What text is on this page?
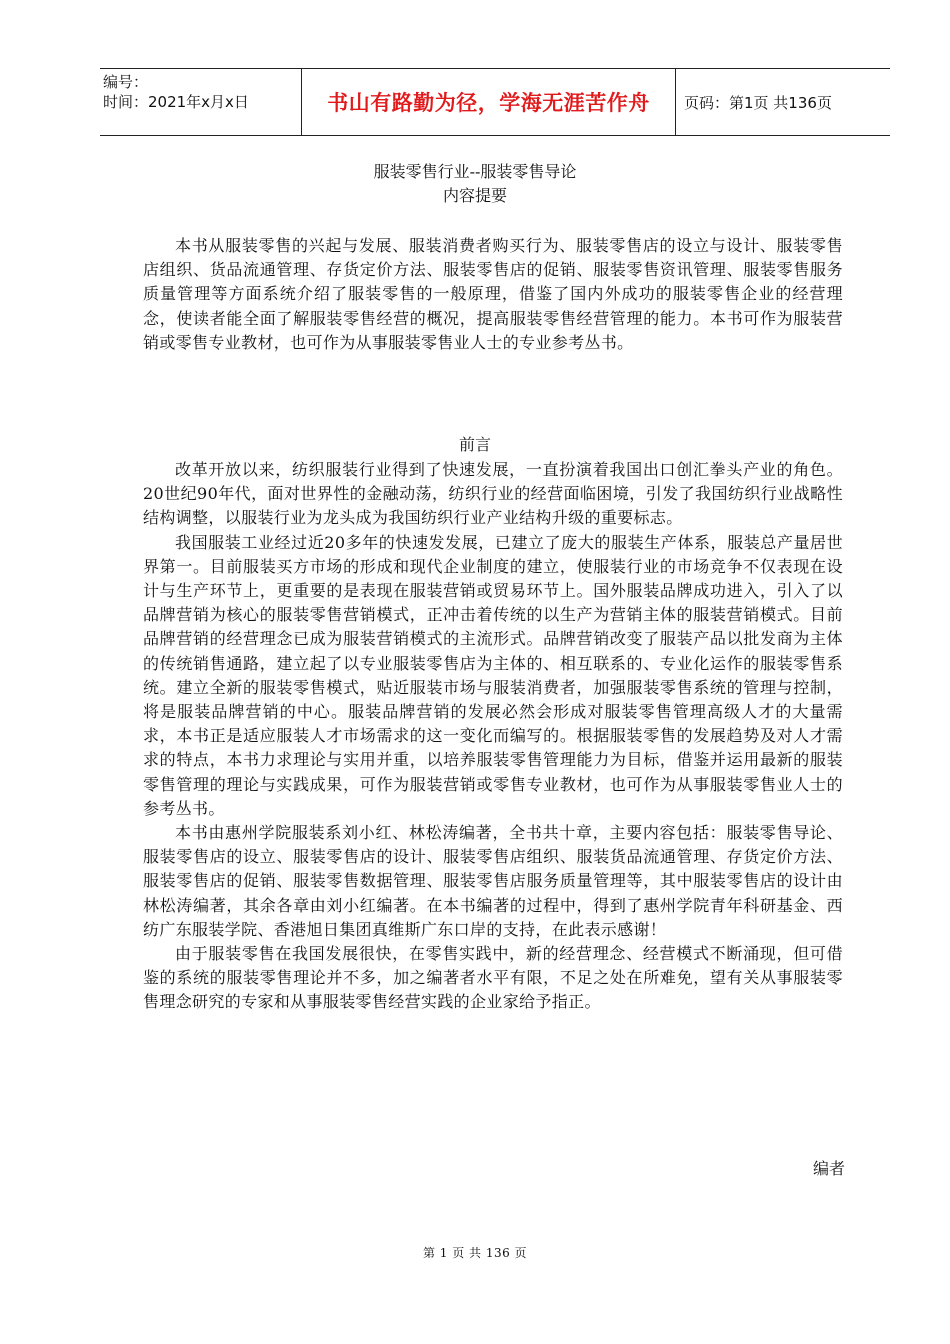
编号：
时间：2021年x月x日	书山有路勤为径，学海无涯苦作舟	页码：第1页 共136页
服装零售行业--服装零售导论
内容提要

本书从服装零售的兴起与发展、服装消费者购买行为、服装零售店的设立与设计、服装零售店组织、货品流通管理、存货定价方法、服装零售店的促销、服装零售资讯管理、服装零售服务质量管理等方面系统介绍了服装零售的一般原理，借鉴了国内外成功的服装零售企业的经营理念，使读者能全面了解服装零售经营的概况，提高服装零售经营管理的能力。本书可作为服装营销或零售专业教材，也可作为从事服装零售业人士的专业参考丛书。

前言

改革开放以来，纺织服装行业得到了快速发展，一直扮演着我国出口创汇拳头产业的角色。20世纪90年代，面对世界性的金融动荡，纺织行业的经营面临困境，引发了我国纺织行业战略性结构调整，以服装行业为龙头成为我国纺织行业产业结构升级的重要标志。

我国服装工业经过近20多年的快速发发展，已建立了庞大的服装生产体系，服装总产量居世界第一。目前服装买方市场的形成和现代企业制度的建立，使服装行业的市场竞争不仅表现在设计与生产环节上，更重要的是表现在服装营销或贸易环节上。国外服装品牌成功进入，引入了以品牌营销为核心的服装零售营销模式，正冲击着传统的以生产为营销主体的服装营销模式。目前品牌营销的经营理念已成为服装营销模式的主流形式。品牌营销改变了服装产品以批发商为主体的传统销售通路，建立起了以专业服装零售店为主体的、相互联系的、专业化运作的服装零售系统。建立全新的服装零售模式，贴近服装市场与服装消费者，加强服装零售系统的管理与控制，将是服装品牌营销的中心。服装品牌营销的发展必然会形成对服装零售管理高级人才的大量需求，本书正是适应服装人才市场需求的这一变化而编写的。根据服装零售的发展趋势及对人才需求的特点，本书力求理论与实用并重，以培养服装零售管理能力为目标，借鉴并运用最新的服装零售管理的理论与实践成果，可作为服装营销或零售专业教材，也可作为从事服装零售业人士的参考丛书。

本书由惠州学院服装系刘小红、林松涛编著，全书共十章，主要内容包括：服装零售导论、服装零售店的设立、服装零售店的设计、服装零售店组织、服装货品流通管理、存货定价方法、服装零售店的促销、服装零售数据管理、服装零售店服务质量管理等，其中服装零售店的设计由林松涛编著，其余各章由刘小红编著。在本书编著的过程中，得到了惠州学院青年科研基金、西纺广东服装学院、香港旭日集团真维斯广东口岸的支持，在此表示感谢！

由于服装零售在我国发展很快，在零售实践中，新的经营理念、经营模式不断涌现，但可借鉴的系统的服装零售理论并不多，加之编著者水平有限，不足之处在所难免，望有关从事服装零售理念研究的专家和从事服装零售经营实践的企业家给予指正。

编者
第 1 页 共 136 页
